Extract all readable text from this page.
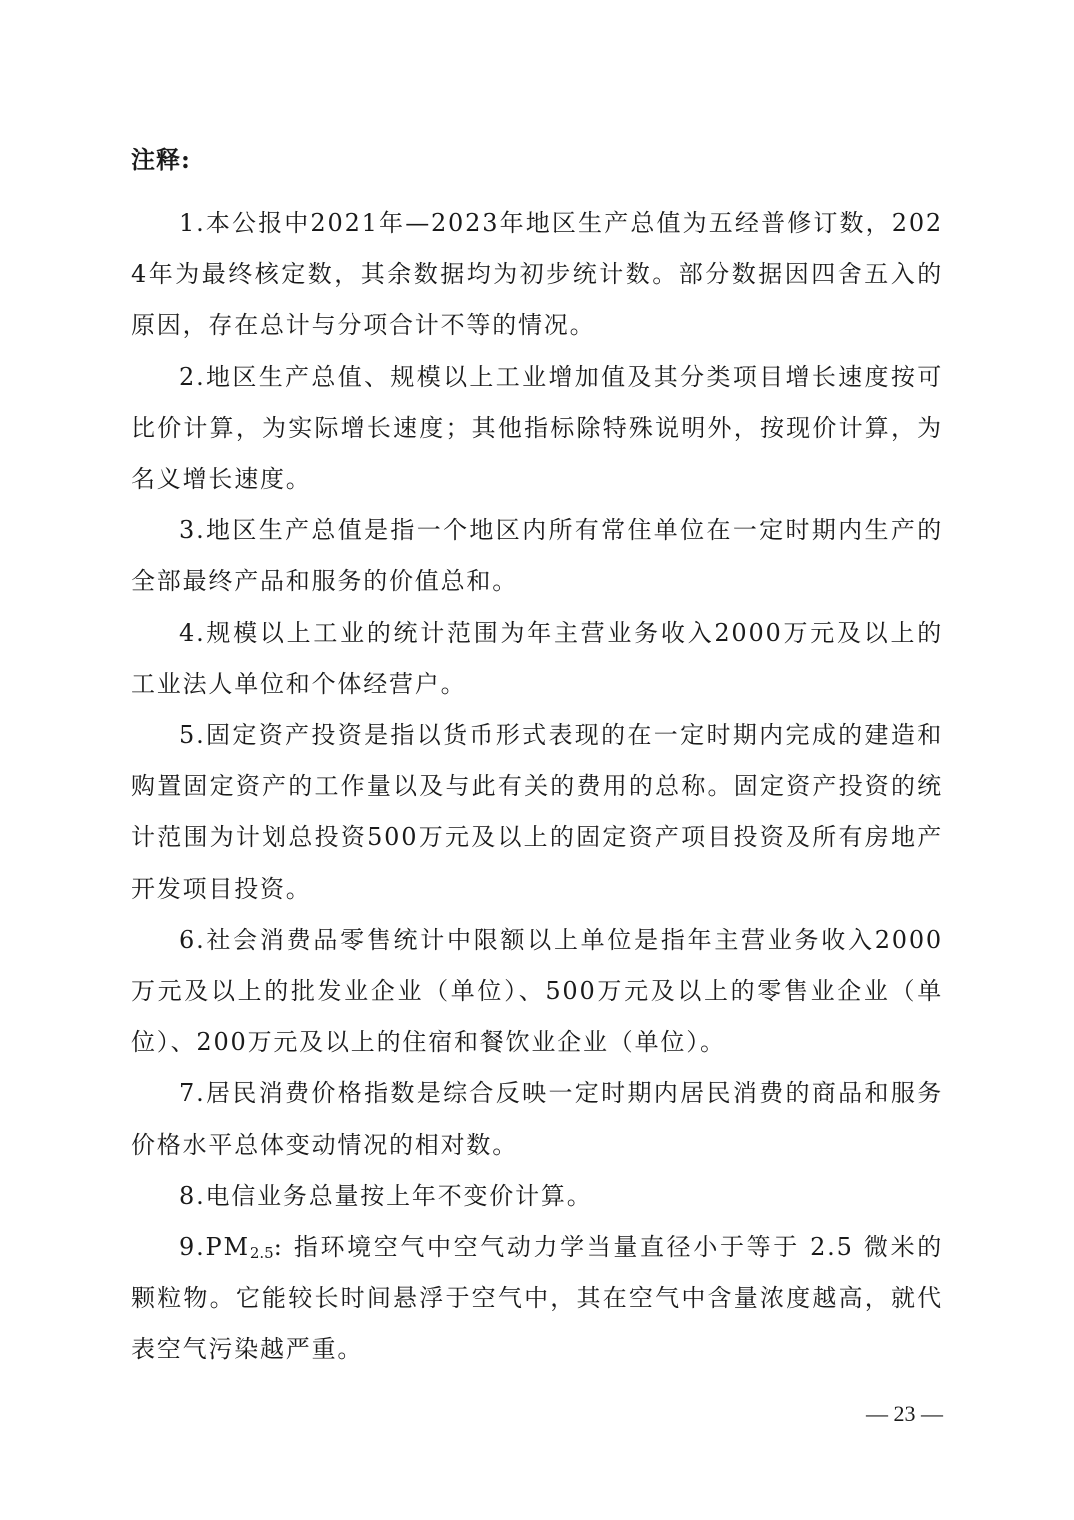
注释:

1.本公报中2021年—2023年地区生产总值为五经普修订数，2024年为最终核定数，其余数据均为初步统计数。部分数据因四舍五入的原因，存在总计与分项合计不等的情况。

2.地区生产总值、规模以上工业增加值及其分类项目增长速度按可比价计算，为实际增长速度；其他指标除特殊说明外，按现价计算，为名义增长速度。

3.地区生产总值是指一个地区内所有常住单位在一定时期内生产的全部最终产品和服务的价值总和。

4.规模以上工业的统计范围为年主营业务收入2000万元及以上的工业法人单位和个体经营户。

5.固定资产投资是指以货币形式表现的在一定时期内完成的建造和购置固定资产的工作量以及与此有关的费用的总称。固定资产投资的统计范围为计划总投资500万元及以上的固定资产项目投资及所有房地产开发项目投资。

6.社会消费品零售统计中限额以上单位是指年主营业务收入2000万元及以上的批发业企业（单位）、500万元及以上的零售业企业（单位）、200万元及以上的住宿和餐饮业企业（单位）。

7.居民消费价格指数是综合反映一定时期内居民消费的商品和服务价格水平总体变动情况的相对数。

8.电信业务总量按上年不变价计算。

$9.PM_{2.5}$: 指环境空气中空气动力学当量直径小于等于 2.5 微米的颗粒物。它能较长时间悬浮于空气中，其在空气中含量浓度越高，就代表空气污染越严重。

— 23 —
